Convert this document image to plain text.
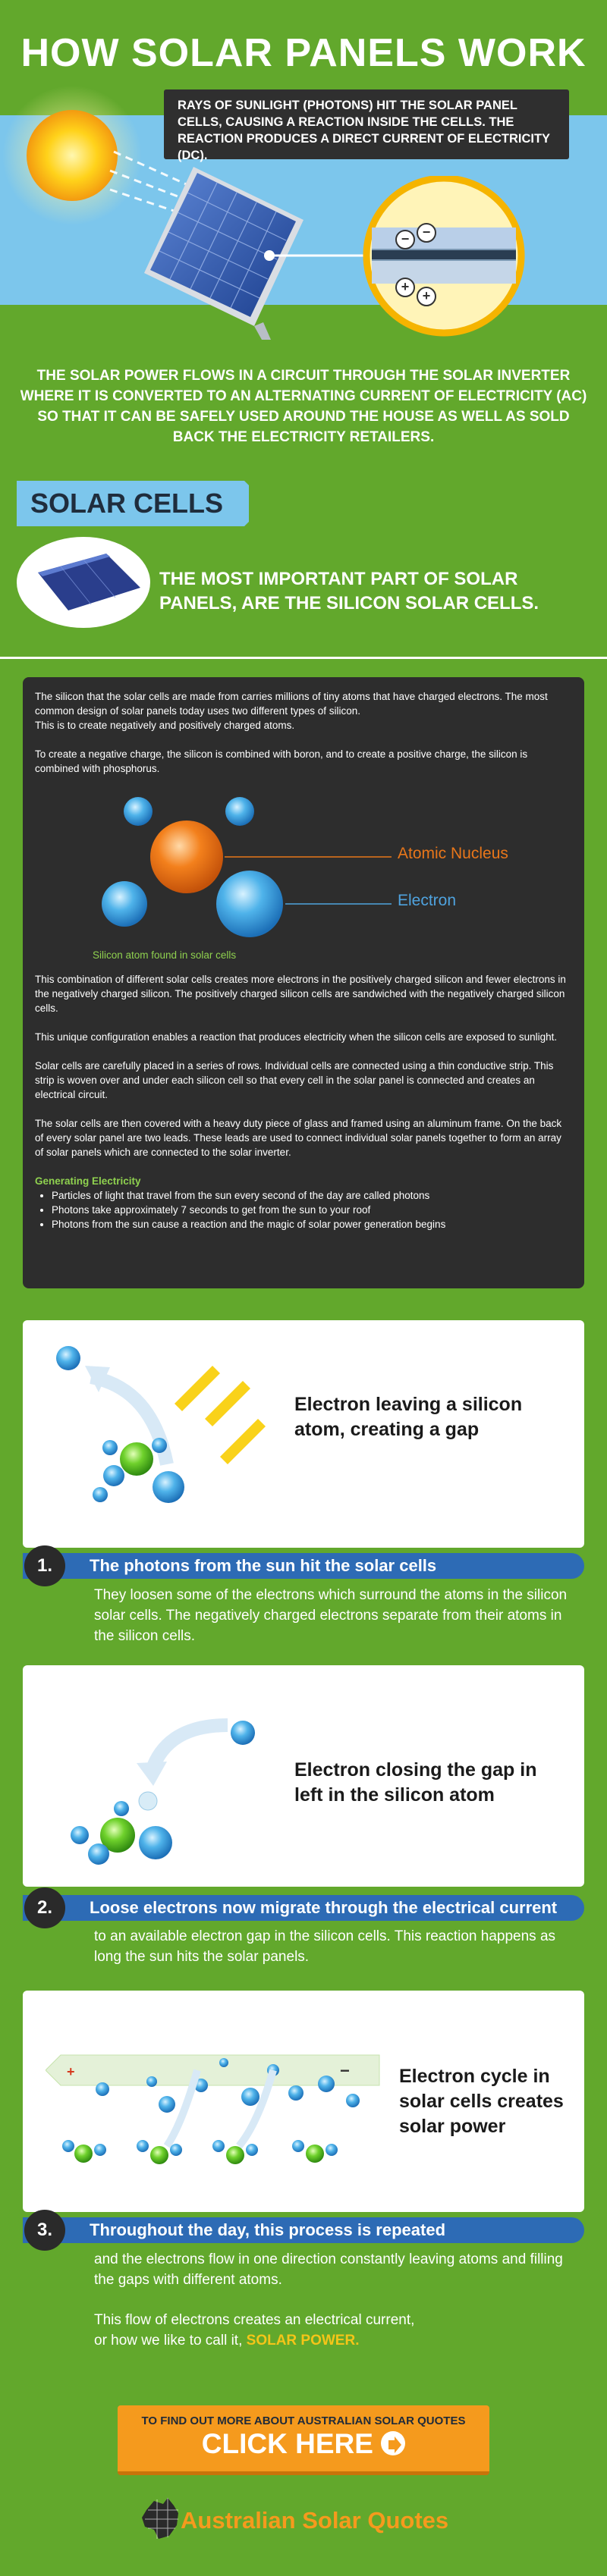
HOW SOLAR PANELS WORK
RAYS OF SUNLIGHT (PHOTONS) HIT THE SOLAR PANEL CELLS, CAUSING A REACTION INSIDE THE CELLS. THE REACTION PRODUCES A DIRECT CURRENT OF ELECTRICITY (DC).
− −
+
+
THE SOLAR POWER FLOWS IN A CIRCUIT THROUGH THE SOLAR INVERTER WHERE IT IS CONVERTED TO AN ALTERNATING CURRENT OF ELECTRICITY (AC) SO THAT IT CAN BE SAFELY USED AROUND THE HOUSE AS WELL AS SOLD BACK THE ELECTRICITY RETAILERS.
SOLAR CELLS
THE MOST IMPORTANT PART OF SOLAR PANELS, ARE THE SILICON SOLAR CELLS.

The silicon that the solar cells are made from carries millions of tiny atoms that have charged electrons. The most common design of solar panels today uses two different types of silicon.
This is to create negatively and positively charged atoms.

To create a negative charge, the silicon is combined with boron, and to create a positive charge, the silicon is combined with phosphorus.

Atomic Nucleus
Electron
Silicon atom found in solar cells

This combination of different solar cells creates more electrons in the positively charged silicon and fewer electrons in the negatively charged silicon. The positively charged silicon cells are sandwiched with the negatively charged silicon cells.

This unique configuration enables a reaction that produces electricity when the silicon cells are exposed to sunlight.

Solar cells are carefully placed in a series of rows. Individual cells are connected using a thin conductive strip. This strip is woven over and under each silicon cell so that every cell in the solar panel is connected and creates an electrical circuit.

The solar cells are then covered with a heavy duty piece of glass and framed using an aluminum frame. On the back of every solar panel are two leads. These leads are used to connect individual solar panels together to form an array of solar panels which are connected to the solar inverter.

Generating Electricity
• Particles of light that travel from the sun every second of the day are called photons
• Photons take approximately 7 seconds to get from the sun to your roof
• Photons from the sun cause a reaction and the magic of solar power generation begins
Electron leaving a silicon atom, creating a gap
1.	The photons from the sun hit the solar cells
They loosen some of the electrons which surround the atoms in the silicon solar cells. The negatively charged electrons separate from their atoms in the silicon cells.
Electron closing the gap in left in the silicon atom
2.	Loose electrons now migrate through the electrical current
to an available electron gap in the silicon cells. This reaction happens as long the sun hits the solar panels.
+	−	Electron cycle in solar cells creates solar power
3.	Throughout the day, this process is repeated
and the electrons flow in one direction constantly leaving atoms and filling the gaps with different atoms.
This flow of electrons creates an electrical current,
or how we like to call it, SOLAR POWER.
TO FIND OUT MORE ABOUT AUSTRALIAN SOLAR QUOTES
CLICK HERE
Australian Solar Quotes
